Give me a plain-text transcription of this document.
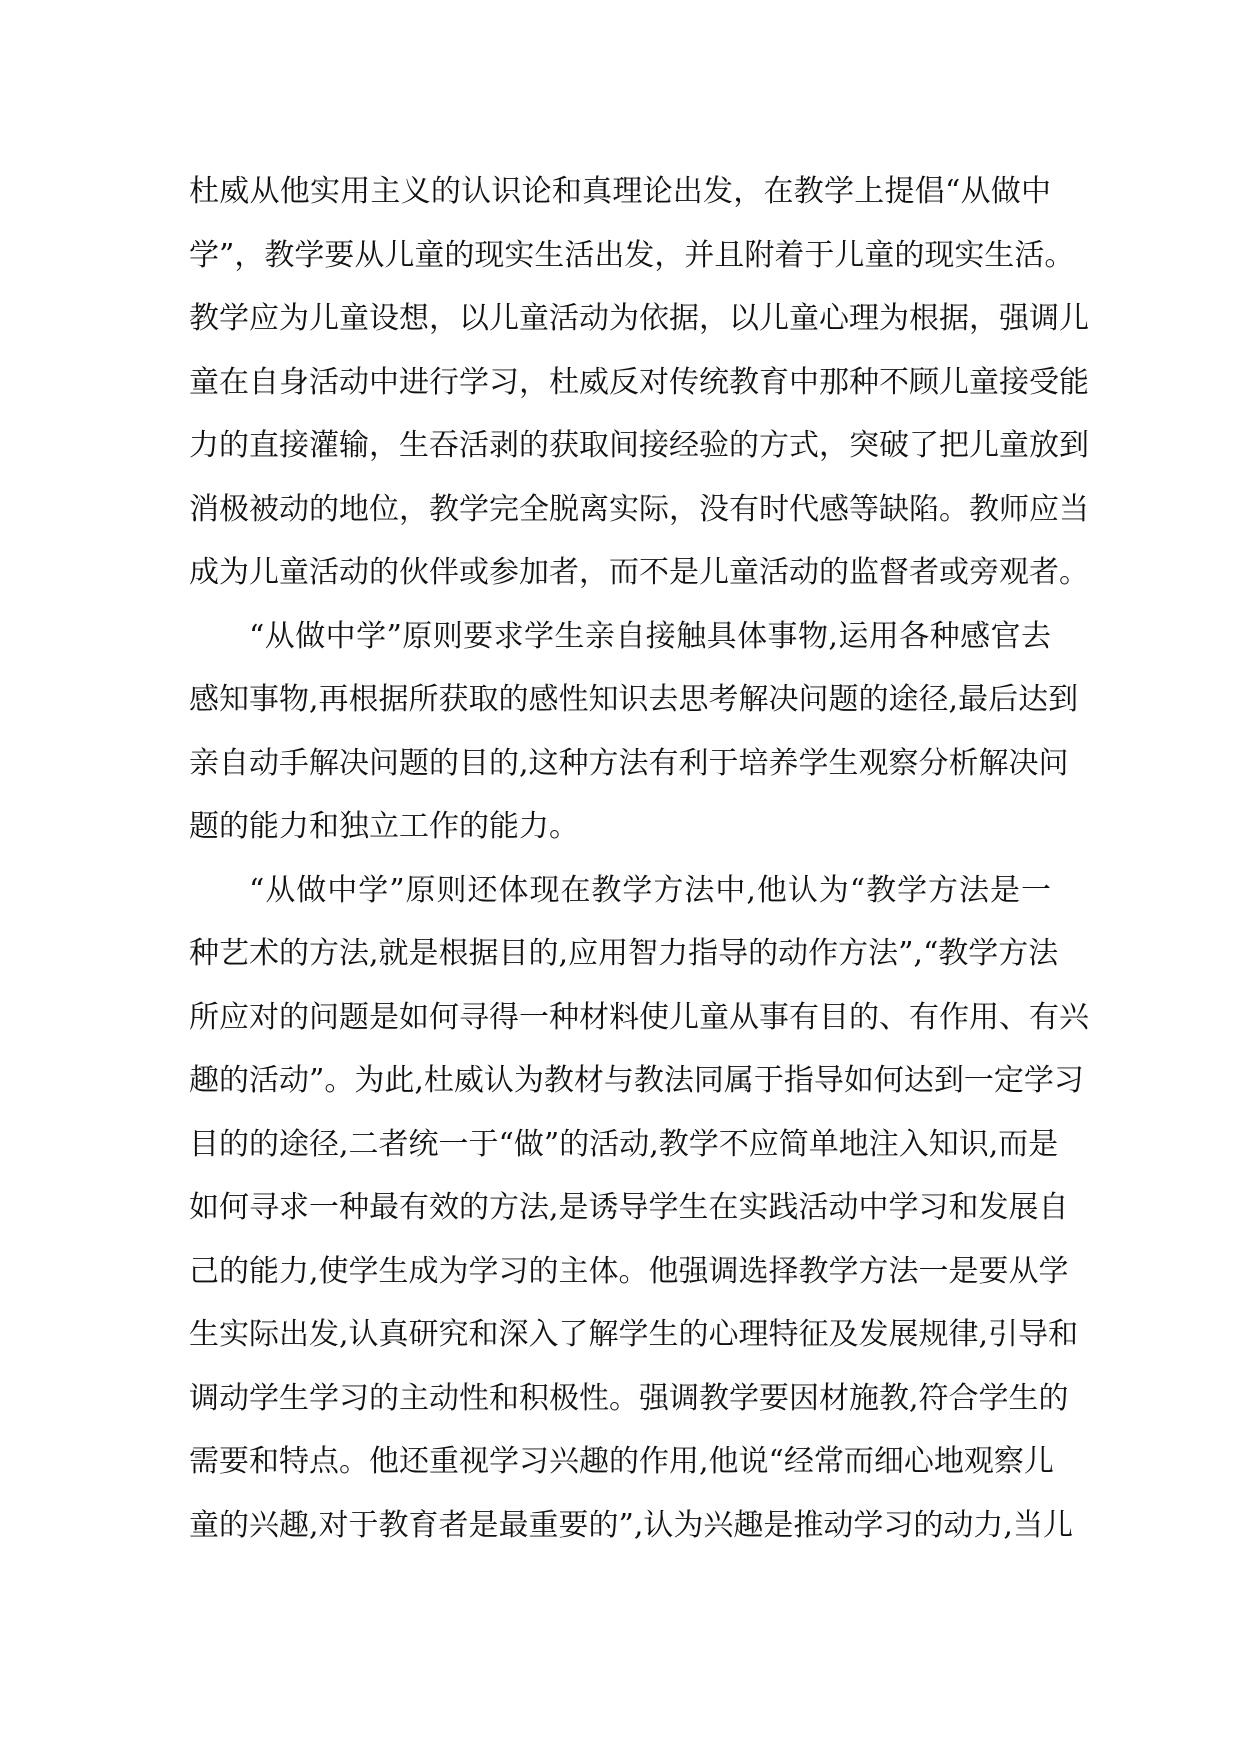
杜威从他实用主义的认识论和真理论出发，在教学上提倡“从做中
学”，教学要从儿童的现实生活出发，并且附着于儿童的现实生活。
教学应为儿童设想，以儿童活动为依据，以儿童心理为根据，强调儿
童在自身活动中进行学习，杜威反对传统教育中那种不顾儿童接受能
力的直接灌输，生吞活剥的获取间接经验的方式，突破了把儿童放到
消极被动的地位，教学完全脱离实际，没有时代感等缺陷。教师应当
成为儿童活动的伙伴或参加者，而不是儿童活动的监督者或旁观者。
“从做中学”原则要求学生亲自接触具体事物,运用各种感官去
感知事物,再根据所获取的感性知识去思考解决问题的途径,最后达到
亲自动手解决问题的目的,这种方法有利于培养学生观察分析解决问
题的能力和独立工作的能力。
“从做中学”原则还体现在教学方法中,他认为“教学方法是一
种艺术的方法,就是根据目的,应用智力指导的动作方法”,“教学方法
所应对的问题是如何寻得一种材料使儿童从事有目的、有作用、有兴
趣的活动”。为此,杜威认为教材与教法同属于指导如何达到一定学习
目的的途径,二者统一于“做”的活动,教学不应简单地注入知识,而是
如何寻求一种最有效的方法,是诱导学生在实践活动中学习和发展自
己的能力,使学生成为学习的主体。他强调选择教学方法一是要从学
生实际出发,认真研究和深入了解学生的心理特征及发展规律,引导和
调动学生学习的主动性和积极性。强调教学要因材施教,符合学生的
需要和特点。他还重视学习兴趣的作用,他说“经常而细心地观察儿
童的兴趣,对于教育者是最重要的”,认为兴趣是推动学习的动力,当儿
